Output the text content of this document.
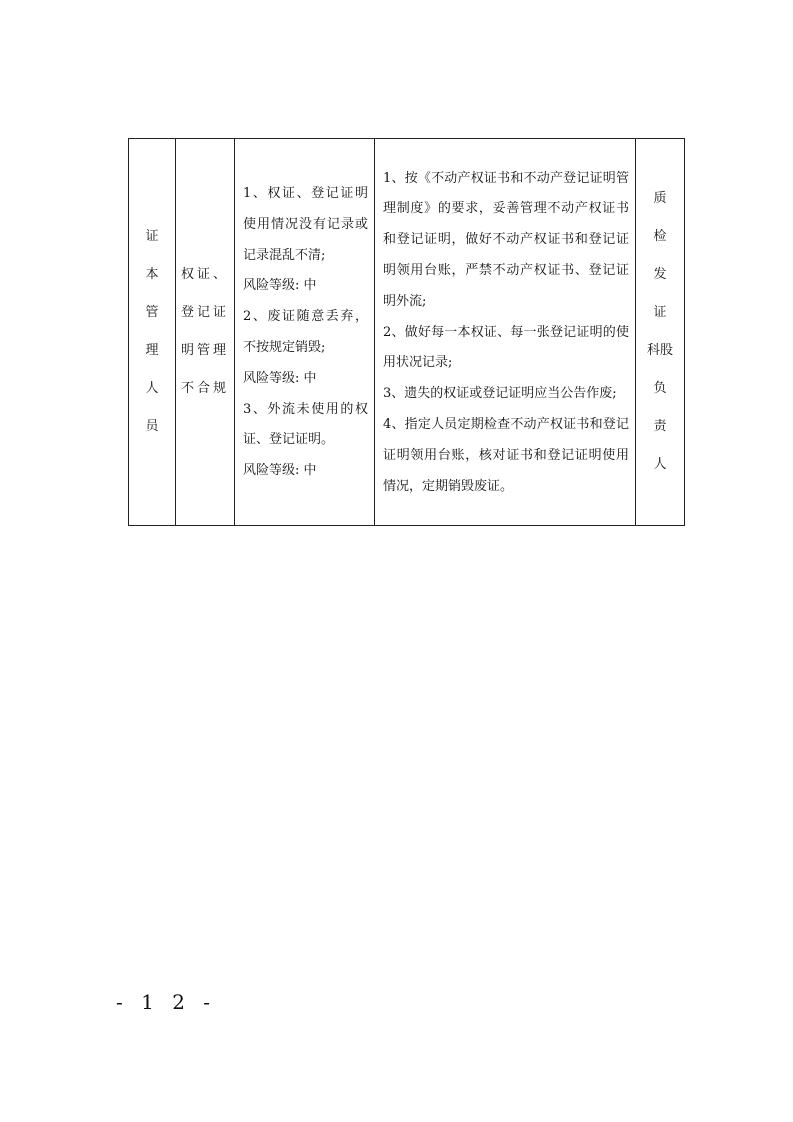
证
本
管
理
人
员

权证、
登记证
明管理
不合规

1、权证、登记证明使用情况没有记录或记录混乱不清;
风险等级: 中
2、废证随意丢弃，不按规定销毁;
风险等级: 中
3、外流未使用的权证、登记证明。
风险等级: 中

1、按《不动产权证书和不动产登记证明管理制度》的要求，妥善管理不动产权证书和登记证明，做好不动产权证书和登记证明领用台账，严禁不动产权证书、登记证明外流;
2、做好每一本权证、每一张登记证明的使用状况记录;
3、遗失的权证或登记证明应当公告作废;
4、指定人员定期检查不动产权证书和登记证明领用台账，核对证书和登记证明使用情况，定期销毁废证。

质
检
发
证
科股
负
责
人
- 1 2 -
